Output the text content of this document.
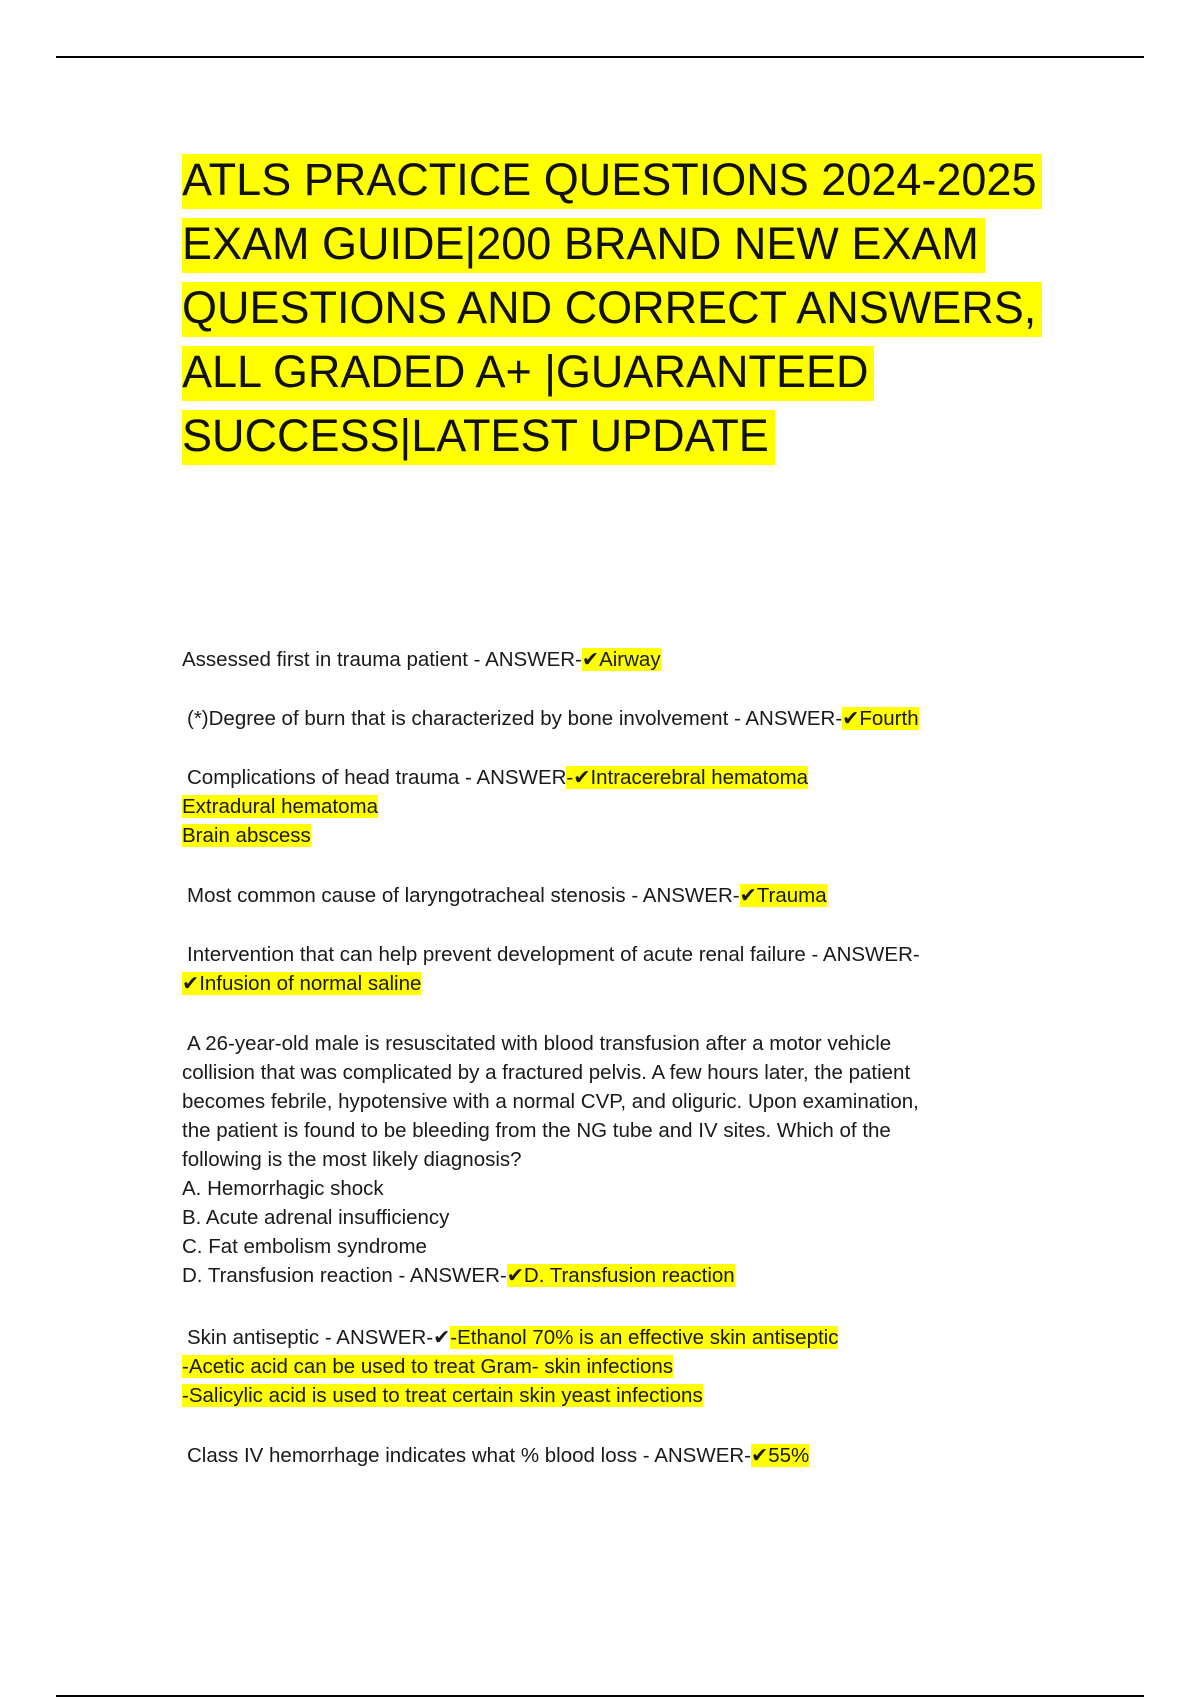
ATLS PRACTICE QUESTIONS 2024-2025
EXAM GUIDE|200 BRAND NEW EXAM
QUESTIONS AND CORRECT ANSWERS,
ALL GRADED A+ |GUARANTEED
SUCCESS|LATEST UPDATE

Assessed first in trauma patient - ANSWER-✔Airway

(*)Degree of burn that is characterized by bone involvement - ANSWER-✔Fourth

Complications of head trauma - ANSWER-✔Intracerebral hematoma

Extradural hematoma

Brain abscess

Most common cause of laryngotracheal stenosis - ANSWER-✔Trauma

Intervention that can help prevent development of acute renal failure - ANSWER-

✔Infusion of normal saline

A 26-year-old male is resuscitated with blood transfusion after a motor vehicle

collision that was complicated by a fractured pelvis. A few hours later, the patient

becomes febrile, hypotensive with a normal CVP, and oliguric. Upon examination,

the patient is found to be bleeding from the NG tube and IV sites. Which of the

following is the most likely diagnosis?

A. Hemorrhagic shock

B. Acute adrenal insufficiency

C. Fat embolism syndrome

D. Transfusion reaction - ANSWER-✔D. Transfusion reaction

Skin antiseptic - ANSWER-✔-Ethanol 70% is an effective skin antiseptic

-Acetic acid can be used to treat Gram- skin infections

-Salicylic acid is used to treat certain skin yeast infections

Class IV hemorrhage indicates what % blood loss - ANSWER-✔55%
